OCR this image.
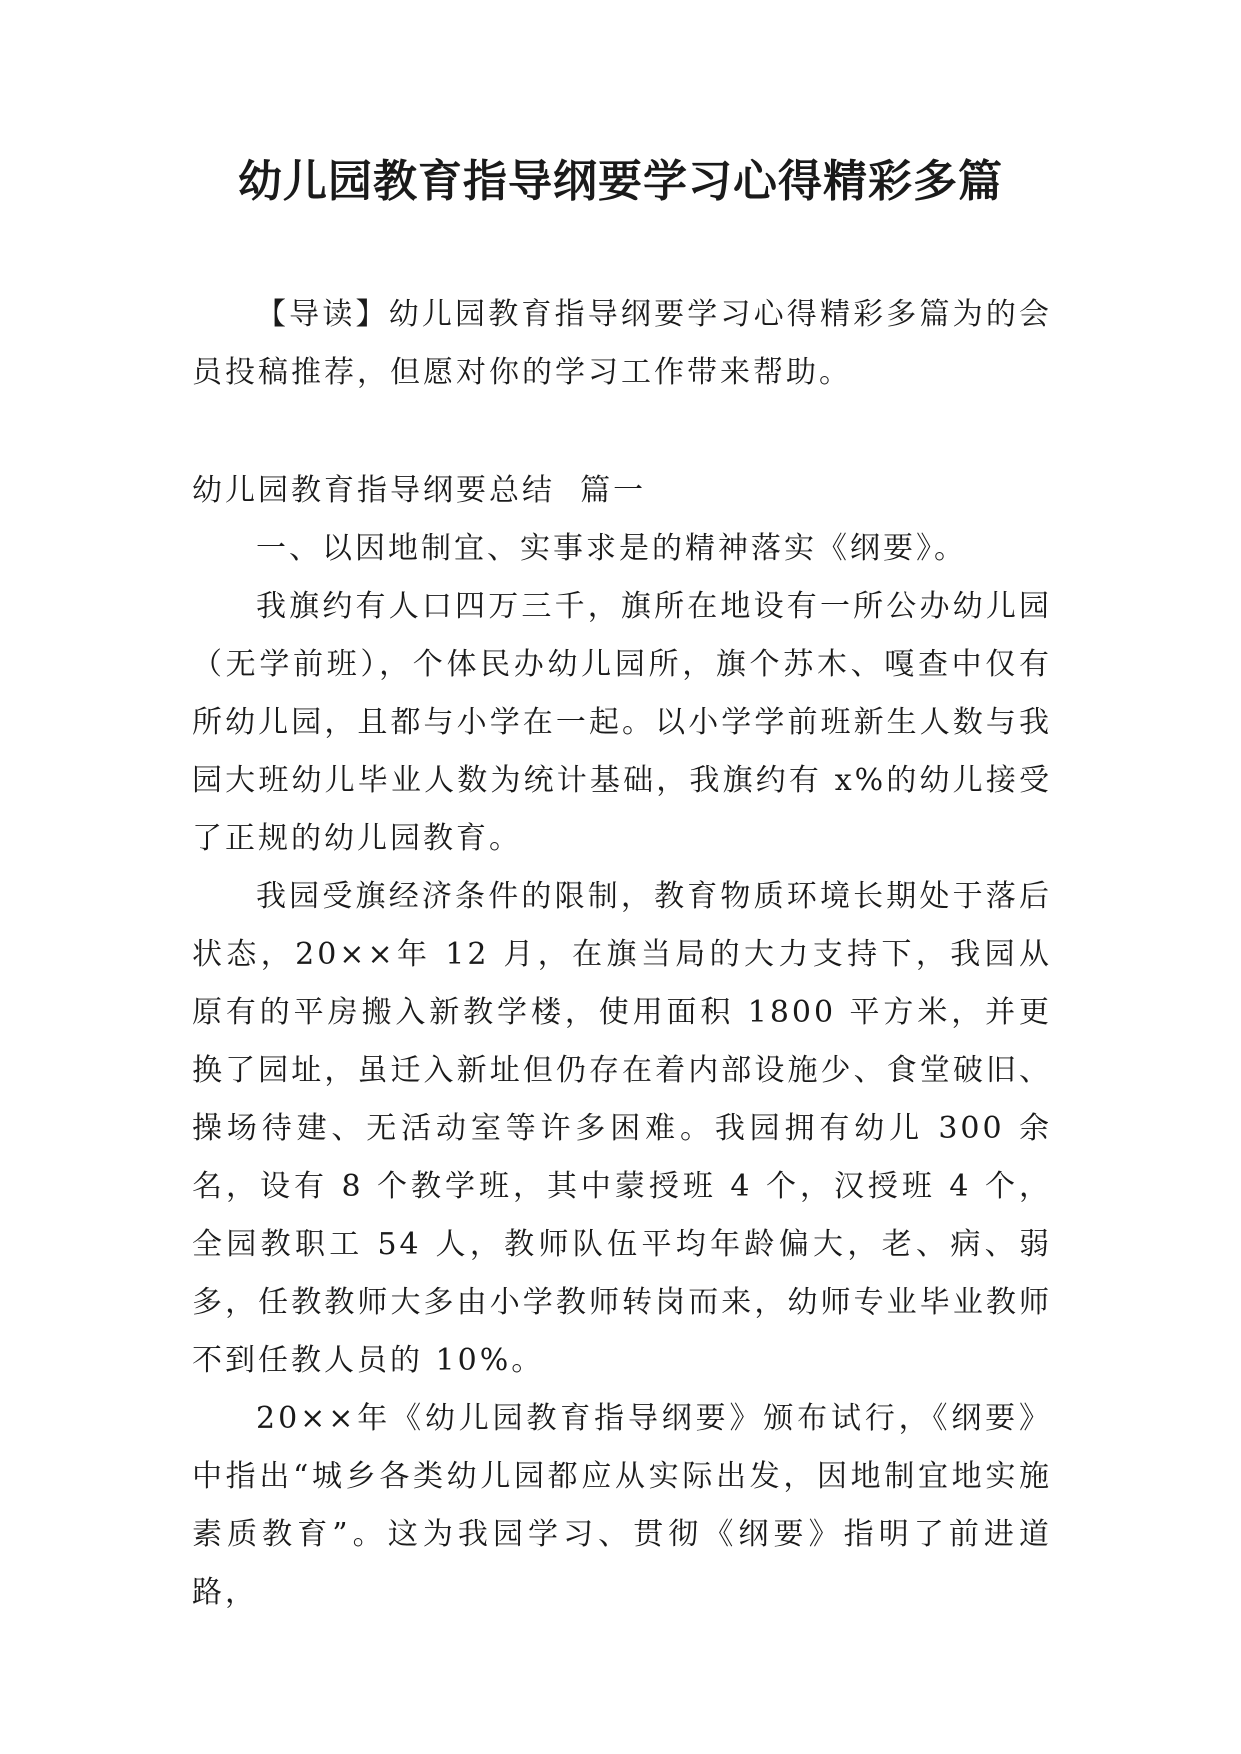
幼儿园教育指导纲要学习心得精彩多篇

【导读】幼儿园教育指导纲要学习心得精彩多篇为的会员投稿推荐，但愿对你的学习工作带来帮助。

幼儿园教育指导纲要总结  篇一

一、以因地制宜、实事求是的精神落实《纲要》。

我旗约有人口四万三千，旗所在地设有一所公办幼儿园（无学前班），个体民办幼儿园所，旗个苏木、嘎查中仅有所幼儿园，且都与小学在一起。以小学学前班新生人数与我园大班幼儿毕业人数为统计基础，我旗约有 x%的幼儿接受了正规的幼儿园教育。

我园受旗经济条件的限制，教育物质环境长期处于落后状态，20××年 12 月，在旗当局的大力支持下，我园从原有的平房搬入新教学楼，使用面积 1800 平方米，并更换了园址，虽迁入新址但仍存在着内部设施少、食堂破旧、操场待建、无活动室等许多困难。我园拥有幼儿 300 余名，设有 8 个教学班，其中蒙授班 4 个，汉授班 4 个，全园教职工 54 人，教师队伍平均年龄偏大，老、病、弱多，任教教师大多由小学教师转岗而来，幼师专业毕业教师不到任教人员的 10%。

20××年《幼儿园教育指导纲要》颁布试行，《纲要》中指出“城乡各类幼儿园都应从实际出发，因地制宜地实施素质教育”。这为我园学习、贯彻《纲要》指明了前进道路，
